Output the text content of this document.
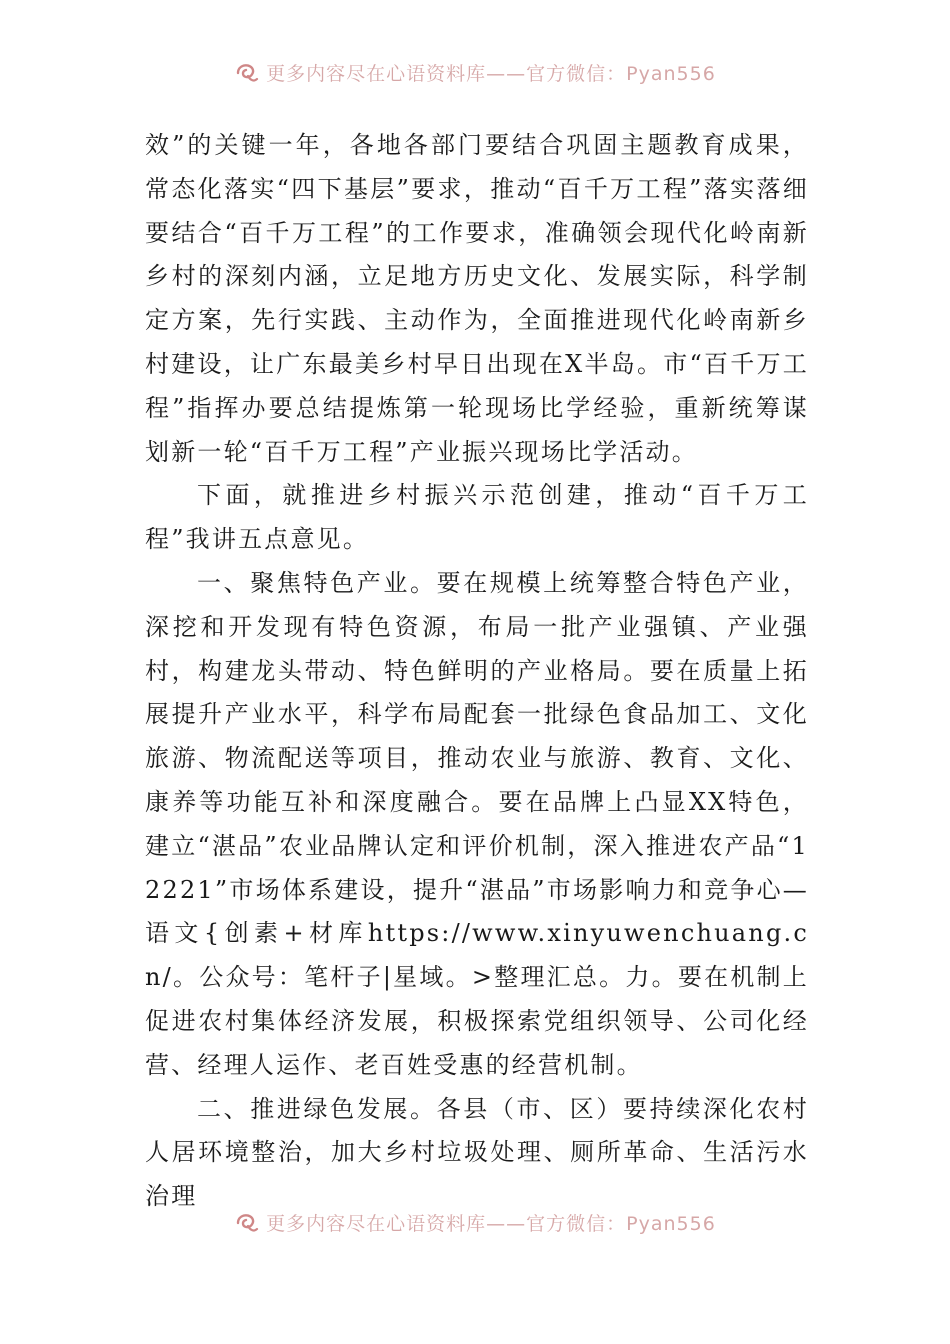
更多内容尽在心语资料库——官方微信：Pyan556

效”的关键一年，各地各部门要结合巩固主题教育成果，常态化落实“四下基层”要求，推动“百千万工程”落实落细要结合“百千万工程”的工作要求，准确领会现代化岭南新乡村的深刻内涵，立足地方历史文化、发展实际，科学制定方案，先行实践、主动作为，全面推进现代化岭南新乡村建设，让广东最美乡村早日出现在X半岛。市“百千万工程”指挥办要总结提炼第一轮现场比学经验，重新统筹谋划新一轮“百千万工程”产业振兴现场比学活动。

下面，就推进乡村振兴示范创建，推动“百千万工程”我讲五点意见。

一、聚焦特色产业。要在规模上统筹整合特色产业，深挖和开发现有特色资源，布局一批产业强镇、产业强村，构建龙头带动、特色鲜明的产业格局。要在质量上拓展提升产业水平，科学布局配套一批绿色食品加工、文化旅游、物流配送等项目，推动农业与旅游、教育、文化、康养等功能互补和深度融合。要在品牌上凸显XX特色，建立“湛品”农业品牌认定和评价机制，深入推进农产品“12221”市场体系建设，提升“湛品”市场影响力和竞争心—语文{创素+材库https://www.xinyuwenchuang.cn/。公众号：笔杆子|星域。>整理汇总。力。要在机制上促进农村集体经济发展，积极探索党组织领导、公司化经营、经理人运作、老百姓受惠的经营机制。

二、推进绿色发展。各县（市、区）要持续深化农村人居环境整治，加大乡村垃圾处理、厕所革命、生活污水治理

更多内容尽在心语资料库——官方微信：Pyan556
